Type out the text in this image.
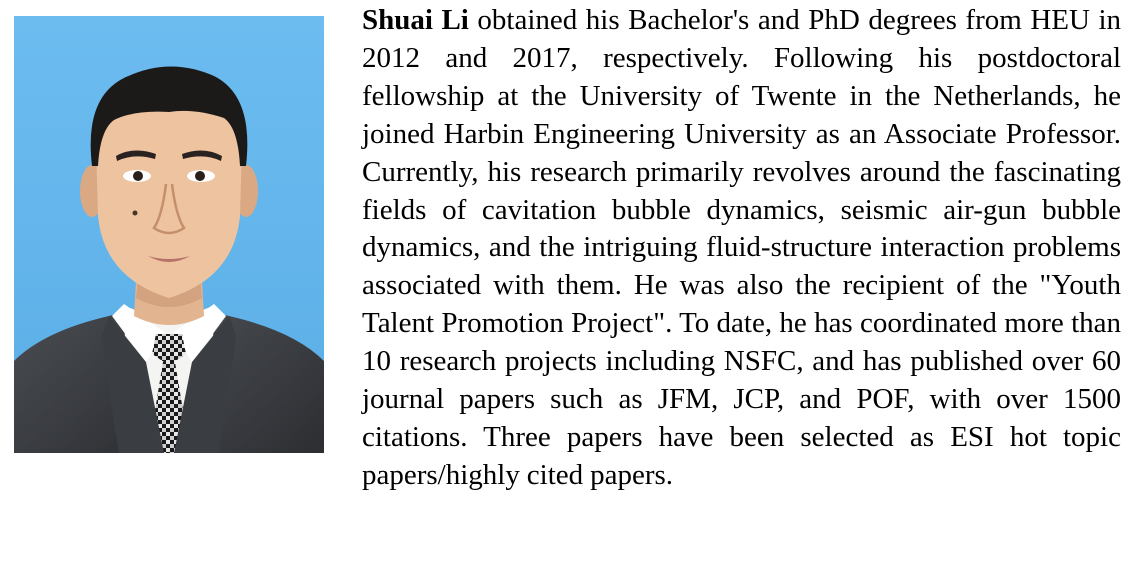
Shuai Li obtained his Bachelor's and PhD degrees from HEU in 2012 and 2017, respectively. Following his postdoctoral fellowship at the University of Twente in the Netherlands, he joined Harbin Engineering University as an Associate Professor. Currently, his research primarily revolves around the fascinating fields of cavitation bubble dynamics, seismic air-gun bubble dynamics, and the intriguing fluid-structure interaction problems associated with them. He was also the recipient of the "Youth Talent Promotion Project". To date, he has coordinated more than 10 research projects including NSFC, and has published over 60 journal papers such as JFM, JCP, and POF, with over 1500 citations. Three papers have been selected as ESI hot topic papers/highly cited papers.
